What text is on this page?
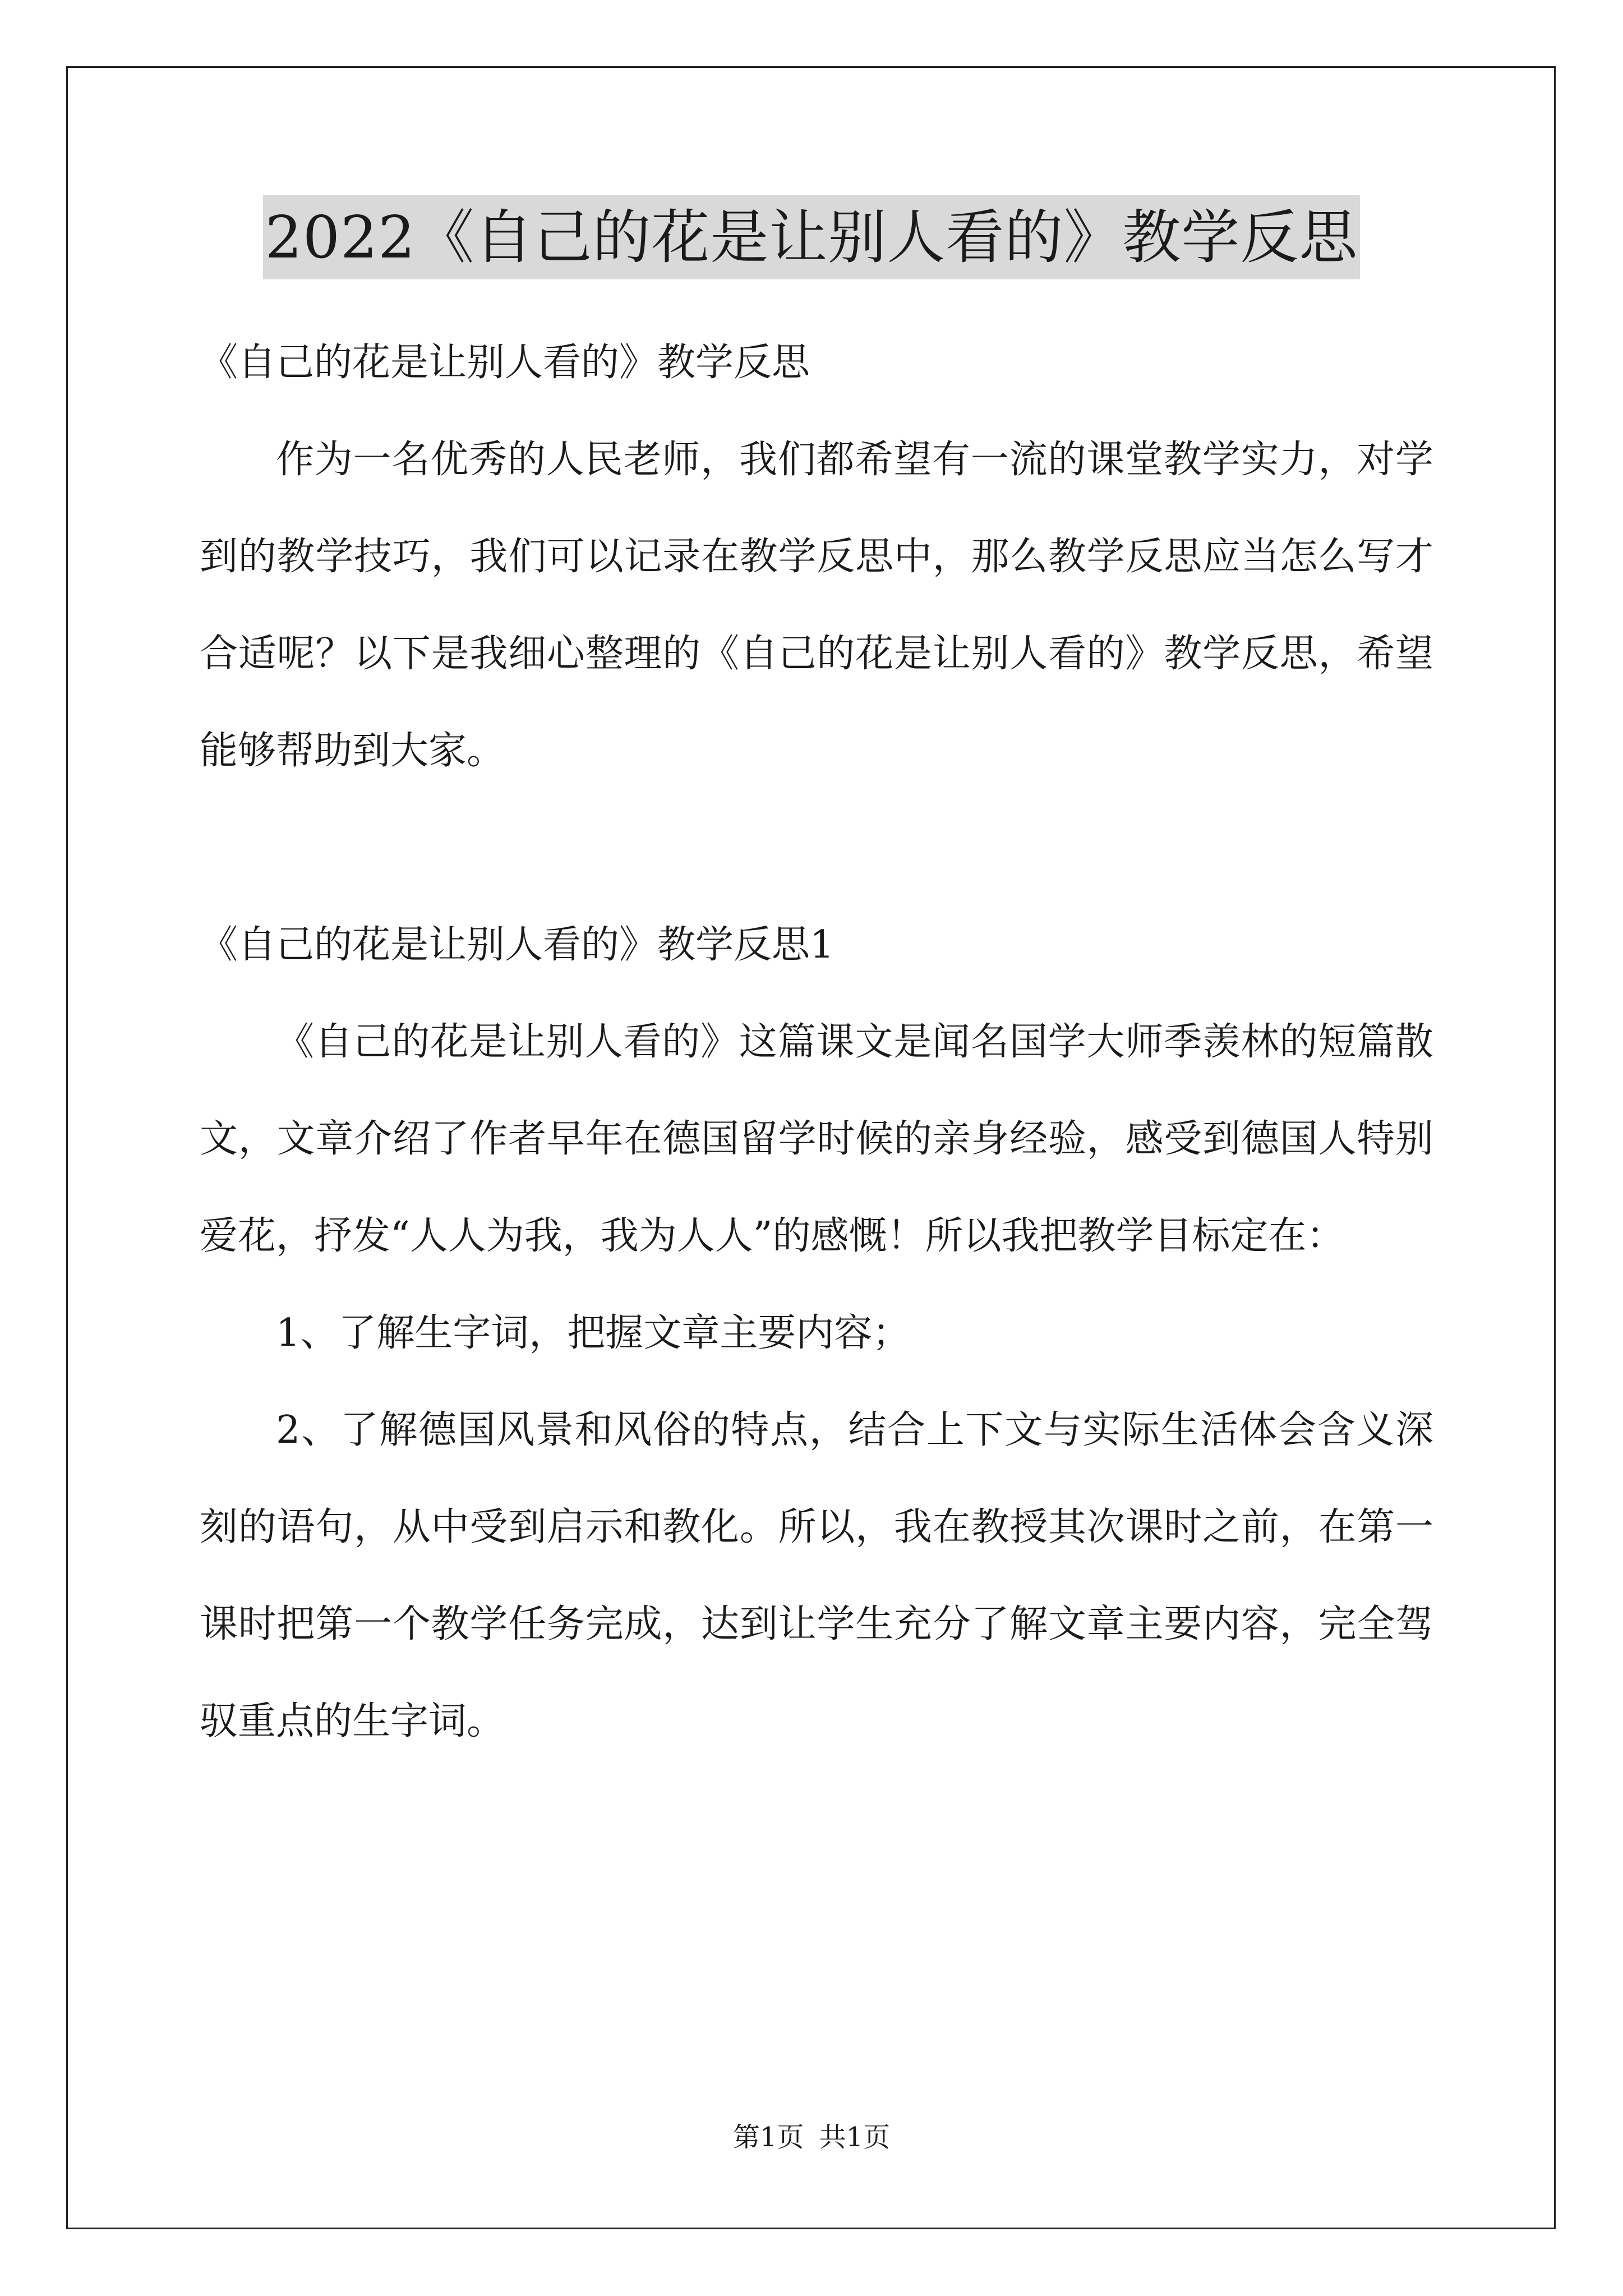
2022《自己的花是让别人看的》教学反思

《自己的花是让别人看的》教学反思

作为一名优秀的人民老师，我们都希望有一流的课堂教学实力，对学到的教学技巧，我们可以记录在教学反思中，那么教学反思应当怎么写才合适呢？以下是我细心整理的《自己的花是让别人看的》教学反思，希望能够帮助到大家。

《自己的花是让别人看的》教学反思1

《自己的花是让别人看的》这篇课文是闻名国学大师季羡林的短篇散文，文章介绍了作者早年在德国留学时候的亲身经验，感受到德国人特别爱花，抒发“人人为我，我为人人”的感慨！所以我把教学目标定在：

1、了解生字词，把握文章主要内容；

2、了解德国风景和风俗的特点，结合上下文与实际生活体会含义深刻的语句，从中受到启示和教化。所以，我在教授其次课时之前，在第一课时把第一个教学任务完成，达到让学生充分了解文章主要内容，完全驾驭重点的生字词。

第1页 共1页
